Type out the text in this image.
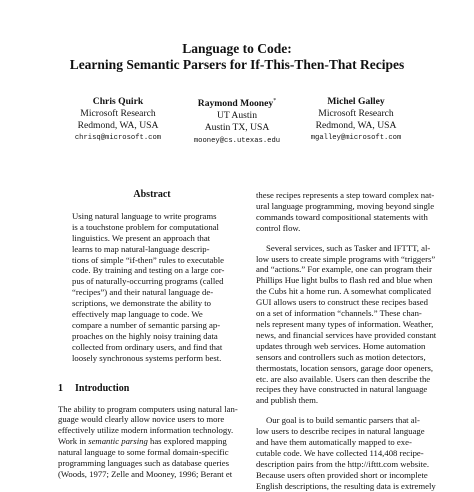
Language to Code:
Learning Semantic Parsers for If-This-Then-That Recipes
Chris Quirk
Microsoft Research
Redmond, WA, USA
chrisq@microsoft.com
Raymond Mooney*
UT Austin
Austin TX, USA
mooney@cs.utexas.edu
Michel Galley
Microsoft Research
Redmond, WA, USA
mgalley@microsoft.com
Abstract
Using natural language to write programs
is a touchstone problem for computational
linguistics. We present an approach that
learns to map natural-language descrip-
tions of simple “if-then” rules to executable
code. By training and testing on a large cor-
pus of naturally-occurring programs (called
“recipes”) and their natural language de-
scriptions, we demonstrate the ability to
effectively map language to code. We
compare a number of semantic parsing ap-
proaches on the highly noisy training data
collected from ordinary users, and find that
loosely synchronous systems perform best.
1 Introduction
The ability to program computers using natural lan-
guage would clearly allow novice users to more
effectively utilize modern information technology.
Work in semantic parsing has explored mapping
natural language to some formal domain-specific
programming languages such as database queries
(Woods, 1977; Zelle and Mooney, 1996; Berant et
these recipes represents a step toward complex nat-
ural language programming, moving beyond single
commands toward compositional statements with
control flow.
Several services, such as Tasker and IFTTT, al-
low users to create simple programs with “triggers”
and “actions.” For example, one can program their
Phillips Hue light bulbs to flash red and blue when
the Cubs hit a home run. A somewhat complicated
GUI allows users to construct these recipes based
on a set of information “channels.” These chan-
nels represent many types of information. Weather,
news, and financial services have provided constant
updates through web services. Home automation
sensors and controllers such as motion detectors,
thermostats, location sensors, garage door openers,
etc. are also available. Users can then describe the
recipes they have constructed in natural language
and publish them.
Our goal is to build semantic parsers that al-
low users to describe recipes in natural language
and have them automatically mapped to exe-
cutable code. We have collected 114,408 recipe-
description pairs from the http://ifttt.com website.
Because users often provided short or incomplete
English descriptions, the resulting data is extremely
